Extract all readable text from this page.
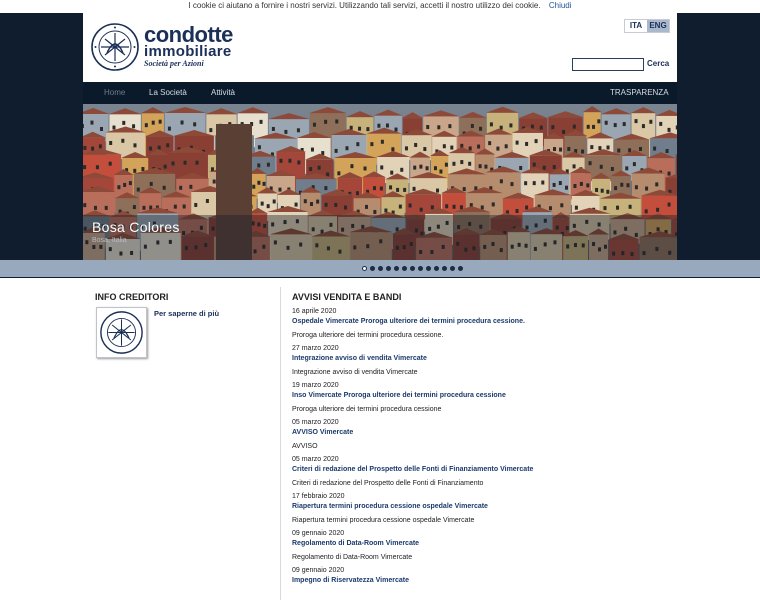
I cookie ci aiutano a fornire i nostri servizi. Utilizzando tali servizi, accetti il nostro utilizzo dei cookie. Chiudi
condotte
immobiliare
Società per Azioni
ITA ENG
Cerca
Home	La Società	Attività	TRASPARENZA
Bosa Colores
Bosa, Italia
INFO CREDITORI
Per saperne di più
AVVISI VENDITA E BANDI
16 aprile 2020
Ospedale Vimercate Proroga ulteriore dei termini procedura cessione.
Proroga ulteriore dei termini procedura cessione.
27 marzo 2020
Integrazione avviso di vendita Vimercate
Integrazione avviso di vendita Vimercate
19 marzo 2020
Inso Vimercate Proroga ulteriore dei termini procedura cessione
Proroga ulteriore dei termini procedura cessione
05 marzo 2020
AVVISO Vimercate
AVVISO
05 marzo 2020
Criteri di redazione del Prospetto delle Fonti di Finanziamento Vimercate
Criteri di redazione del Prospetto delle Fonti di Finanziamento
17 febbraio 2020
Riapertura termini procedura cessione ospedale Vimercate
Riapertura termini procedura cessione ospedale Vimercate
09 gennaio 2020
Regolamento di Data-Room Vimercate
Regolamento di Data-Room Vimercate
09 gennaio 2020
Impegno di Riservatezza Vimercate
